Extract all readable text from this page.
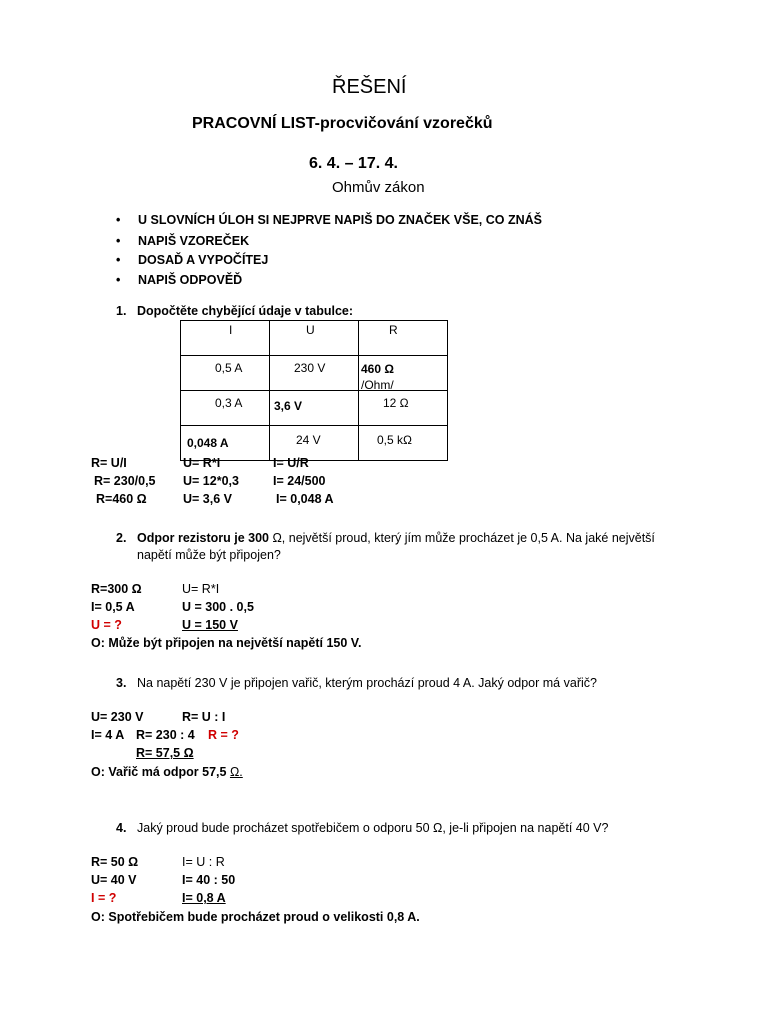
ŘEŠENÍ
PRACOVNÍ LIST-procvičování vzorečků
6. 4. – 17. 4.
Ohmův zákon
• U SLOVNÍCH ÚLOH SI NEJPRVE NAPIŠ DO ZNAČEK VŠE, CO ZNÁŠ
• NAPIŠ VZOREČEK
• DOSAĎ A VYPOČÍTEJ
• NAPIŠ ODPOVĚĎ
1. Dopočtěte chybějící údaje v tabulce:
I	U	R

0,5 A	230 V	460 Ω
/Ohm/

0,3 A	3,6 V	12 Ω

0,048 A	24 V	0,5 kΩ
R= U/I
R= 230/0,5
R=460 Ω
U= R*I
U= 12*0,3
U= 3,6 V
I= U/R
I= 24/500
I= 0,048 A
2. Odpor rezistoru je 300 Ω, největší proud, který jím může procházet je 0,5 A. Na jaké největší
napětí může být připojen?
R=300 Ω
I= 0,5 A
U = ?
U= R*I
U = 300 . 0,5
U = 150 V
O: Může být připojen na největší napětí 150 V.
3. Na napětí 230 V je připojen vařič, kterým prochází proud 4 A. Jaký odpor má vařič?
U= 230 V	R= U : I
I= 4 A R= 230 : 4 R = ?
R= 57,5 Ω
O: Vařič má odpor 57,5 Ω.
4. Jaký proud bude procházet spotřebičem o odporu 50 Ω, je-li připojen na napětí 40 V?
R= 50 Ω
U= 40 V
I = ?
I= U : R
I= 40 : 50
I= 0,8 A
O: Spotřebičem bude procházet proud o velikosti 0,8 A.
